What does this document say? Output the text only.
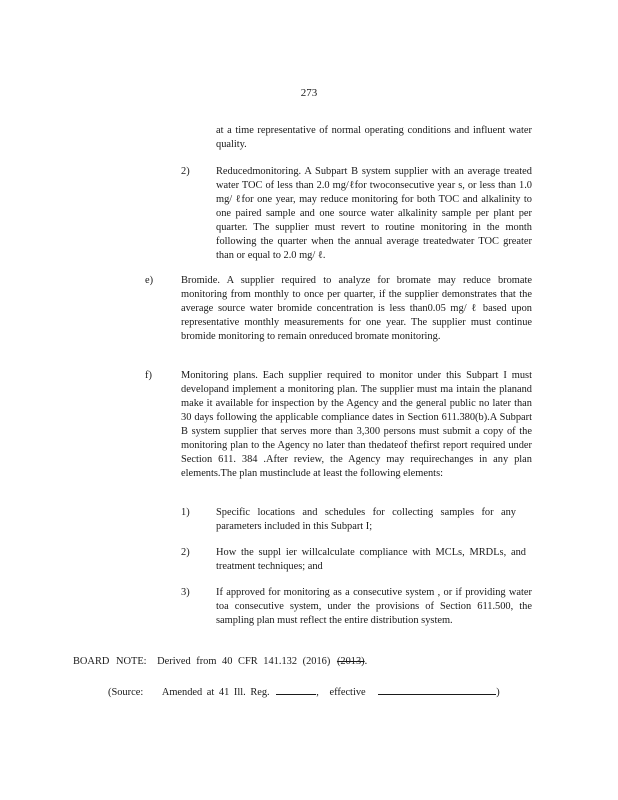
273
at a time representative of normal operating conditions and influent water quality.
2)	Reducedmonitoring. A Subpart B system supplier with an average treated water TOC of less than 2.0 mg/ℓfor twoconsecutive year s, or less than 1.0 mg/ ℓfor one year, may reduce monitoring for both TOC and alkalinity to one paired sample and one source water alkalinity sample per plant per quarter. The supplier must revert to routine monitoring in the month following the quarter when the annual average treatedwater TOC greater than or equal to 2.0 mg/ ℓ.
e)	Bromide. A supplier required to analyze for bromate may reduce bromate monitoring from monthly to once per quarter, if the supplier demonstrates that the average source water bromide concentration is less than0.05 mg/ ℓ based upon representative monthly measurements for one year. The supplier must continue bromide monitoring to remain onreduced bromate monitoring.
f)	Monitoring plans. Each supplier required to monitor under this Subpart I must developand implement a monitoring plan. The supplier must ma intain the planand make it available for inspection by the Agency and the general public no later than 30 days following the applicable compliance dates in Section 611.380(b).A Subpart B system supplier that serves more than 3,300 persons must submit a copy of the monitoring plan to the Agency no later than thedateof thefirst report required under Section 611. 384 .After review, the Agency may requirechanges in any plan elements.The plan mustinclude at least the following elements:
1)	Specific locations and schedules for collecting samples for any parameters included in this Subpart I;
2)	How the suppl ier willcalculate compliance with MCLs, MRDLs, and treatment techniques; and
3)	If approved for monitoring as a consecutive system , or if providing water toa consecutive system, under the provisions of Section 611.500, the sampling plan must reflect the entire distribution system.
BOARD NOTE: Derived from 40 CFR 141.132 (2016) (2013).
(Source: Amended at 41 Ill. Reg.	, effective	)
